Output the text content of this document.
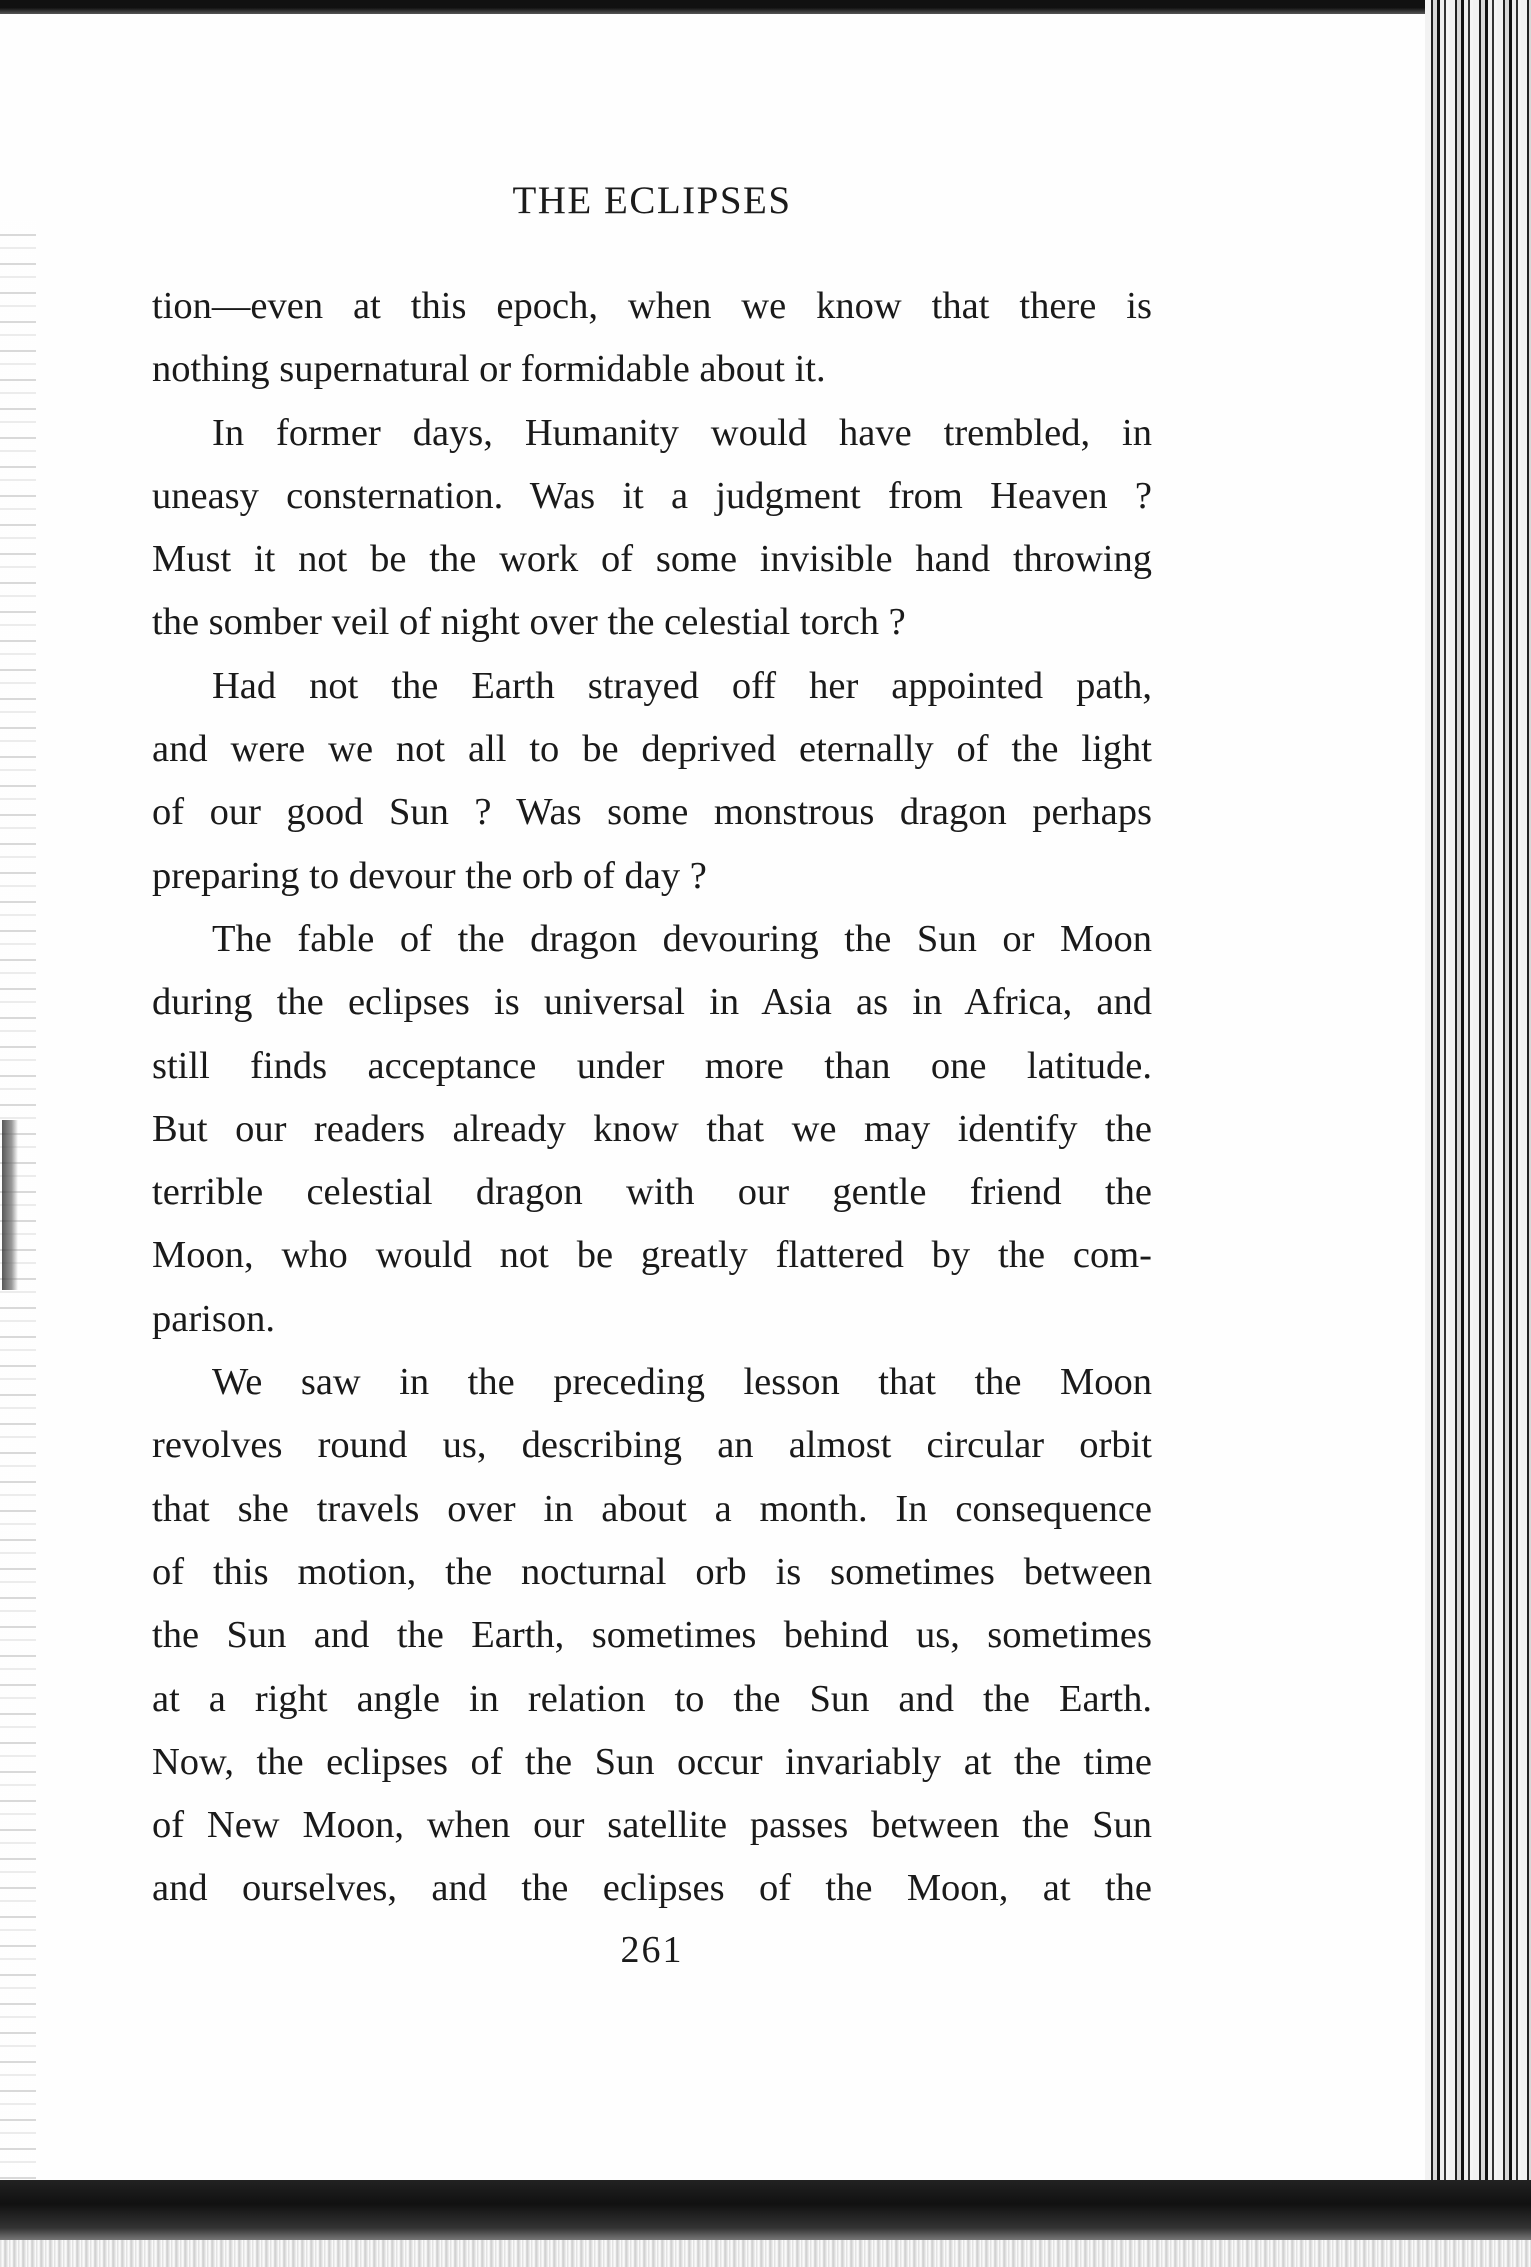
THE ECLIPSES
tion—even at this epoch, when we know that there is
nothing supernatural or formidable about it.
In former days, Humanity would have trembled, in
uneasy consternation. Was it a judgment from Heaven ?
Must it not be the work of some invisible hand throwing
the somber veil of night over the celestial torch ?
Had not the Earth strayed off her appointed path,
and were we not all to be deprived eternally of the light
of our good Sun ? Was some monstrous dragon perhaps
preparing to devour the orb of day ?
The fable of the dragon devouring the Sun or Moon
during the eclipses is universal in Asia as in Africa, and
still finds acceptance under more than one latitude.
But our readers already know that we may identify the
terrible celestial dragon with our gentle friend the
Moon, who would not be greatly flattered by the com-
parison.
We saw in the preceding lesson that the Moon
revolves round us, describing an almost circular orbit
that she travels over in about a month. In consequence
of this motion, the nocturnal orb is sometimes between
the Sun and the Earth, sometimes behind us, sometimes
at a right angle in relation to the Sun and the Earth.
Now, the eclipses of the Sun occur invariably at the time
of New Moon, when our satellite passes between the Sun
and ourselves, and the eclipses of the Moon, at the
261
